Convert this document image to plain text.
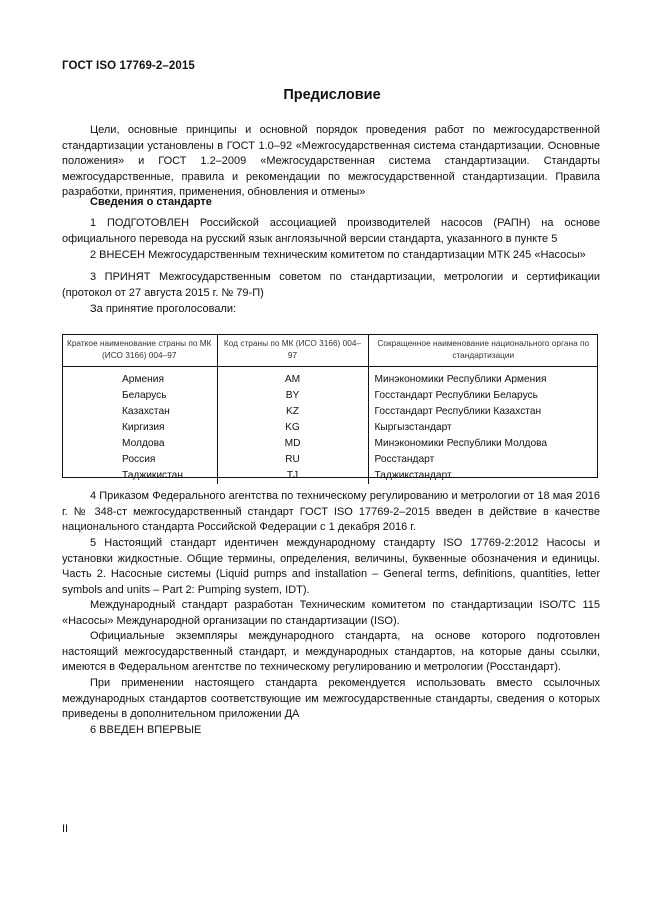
ГОСТ ISO 17769-2–2015
Предисловие
Цели, основные принципы и основной порядок проведения работ по межгосударственной стандартизации установлены в ГОСТ 1.0–92 «Межгосударственная система стандартизации. Основные положения» и ГОСТ 1.2–2009 «Межгосударственная система стандартизации. Стандарты межгосударственные, правила и рекомендации по межгосударственной стандартизации. Правила разработки, принятия, применения, обновления и отмены»
Сведения о стандарте
1 ПОДГОТОВЛЕН Российской ассоциацией производителей насосов (РАПН) на основе официального перевода на русский язык англоязычной версии стандарта, указанного в пункте 5
2 ВНЕСЕН Межгосударственным техническим комитетом по стандартизации МТК 245 «Насосы»
3 ПРИНЯТ Межгосударственным советом по стандартизации, метрологии и сертификации (протокол от 27 августа 2015 г. № 79-П)
За принятие проголосовали:
Краткое наименование страны по МК (ИСО 3166) 004–97	Код страны по МК (ИСО 3166) 004–97	Сокращенное наименование национального органа по стандартизации

Армения	AM	Минэкономики Республики Армения
Беларусь	BY	Госстандарт Республики Беларусь
Казахстан	KZ	Госстандарт Республики Казахстан
Киргизия	KG	Кыргызстандарт
Молдова	MD	Минэкономики Республики Молдова
Россия	RU	Росстандарт
Таджикистан	TJ	Таджикстандарт
4 Приказом Федерального агентства по техническому регулированию и метрологии от 18 мая 2016 г. № 348-ст межгосударственный стандарт ГОСТ ISO 17769-2–2015 введен в действие в качестве национального стандарта Российской Федерации с 1 декабря 2016 г.
5 Настоящий стандарт идентичен международному стандарту ISO 17769-2:2012 Насосы и установки жидкостные. Общие термины, определения, величины, буквенные обозначения и единицы. Часть 2. Насосные системы (Liquid pumps and installation – General terms, definitions, quantities, letter symbols and units – Part 2: Pumping system, IDT).
Международный стандарт разработан Техническим комитетом по стандартизации ISO/TC 115 «Насосы» Международной организации по стандартизации (ISO).
Официальные экземпляры международного стандарта, на основе которого подготовлен настоящий межгосударственный стандарт, и международных стандартов, на которые даны ссылки, имеются в Федеральном агентстве по техническому регулированию и метрологии (Росстандарт).
При применении настоящего стандарта рекомендуется использовать вместо ссылочных международных стандартов соответствующие им межгосударственные стандарты, сведения о которых приведены в дополнительном приложении ДА
6 ВВЕДЕН ВПЕРВЫЕ
II
